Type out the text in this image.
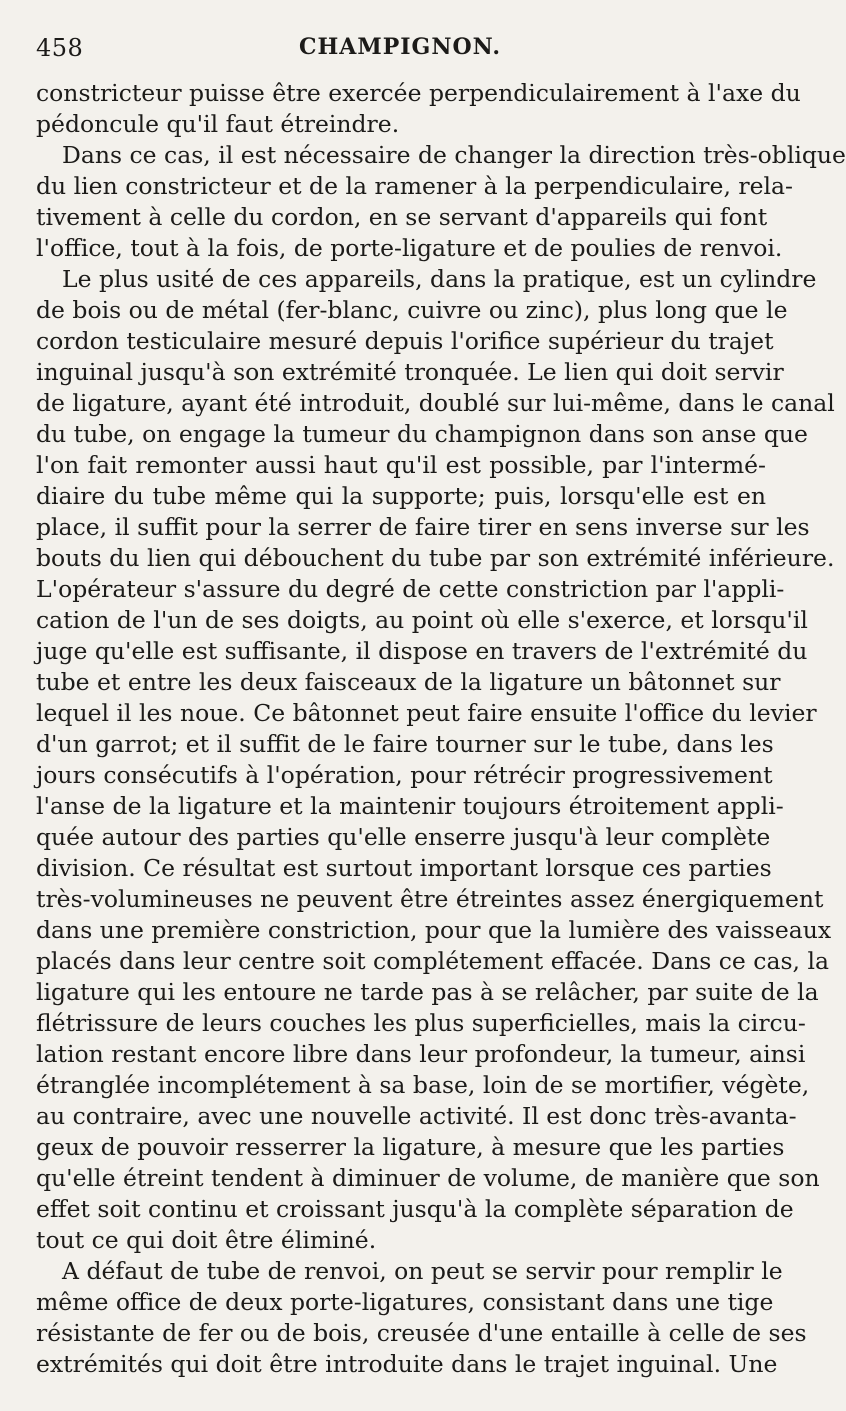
458	CHAMPIGNON.
constricteur puisse être exercée perpendiculairement à l'axe du
pédoncule qu'il faut étreindre.
Dans ce cas, il est nécessaire de changer la direction très-oblique
du lien constricteur et de la ramener à la perpendiculaire, rela-
tivement à celle du cordon, en se servant d'appareils qui font
l'office, tout à la fois, de porte-ligature et de poulies de renvoi.
Le plus usité de ces appareils, dans la pratique, est un cylindre
de bois ou de métal (fer-blanc, cuivre ou zinc), plus long que le
cordon testiculaire mesuré depuis l'orifice supérieur du trajet
inguinal jusqu'à son extrémité tronquée. Le lien qui doit servir
de ligature, ayant été introduit, doublé sur lui-même, dans le canal
du tube, on engage la tumeur du champignon dans son anse que
l'on fait remonter aussi haut qu'il est possible, par l'intermé-
diaire du tube même qui la supporte; puis, lorsqu'elle est en
place, il suffit pour la serrer de faire tirer en sens inverse sur les
bouts du lien qui débouchent du tube par son extrémité inférieure.
L'opérateur s'assure du degré de cette constriction par l'appli-
cation de l'un de ses doigts, au point où elle s'exerce, et lorsqu'il
juge qu'elle est suffisante, il dispose en travers de l'extrémité du
tube et entre les deux faisceaux de la ligature un bâtonnet sur
lequel il les noue. Ce bâtonnet peut faire ensuite l'office du levier
d'un garrot; et il suffit de le faire tourner sur le tube, dans les
jours consécutifs à l'opération, pour rétrécir progressivement
l'anse de la ligature et la maintenir toujours étroitement appli-
quée autour des parties qu'elle enserre jusqu'à leur complète
division. Ce résultat est surtout important lorsque ces parties
très-volumineuses ne peuvent être étreintes assez énergiquement
dans une première constriction, pour que la lumière des vaisseaux
placés dans leur centre soit complétement effacée. Dans ce cas, la
ligature qui les entoure ne tarde pas à se relâcher, par suite de la
flétrissure de leurs couches les plus superficielles, mais la circu-
lation restant encore libre dans leur profondeur, la tumeur, ainsi
étranglée incomplétement à sa base, loin de se mortifier, végète,
au contraire, avec une nouvelle activité. Il est donc très-avanta-
geux de pouvoir resserrer la ligature, à mesure que les parties
qu'elle étreint tendent à diminuer de volume, de manière que son
effet soit continu et croissant jusqu'à la complète séparation de
tout ce qui doit être éliminé.
A défaut de tube de renvoi, on peut se servir pour remplir le
même office de deux porte-ligatures, consistant dans une tige
résistante de fer ou de bois, creusée d'une entaille à celle de ses
extrémités qui doit être introduite dans le trajet inguinal. Une
